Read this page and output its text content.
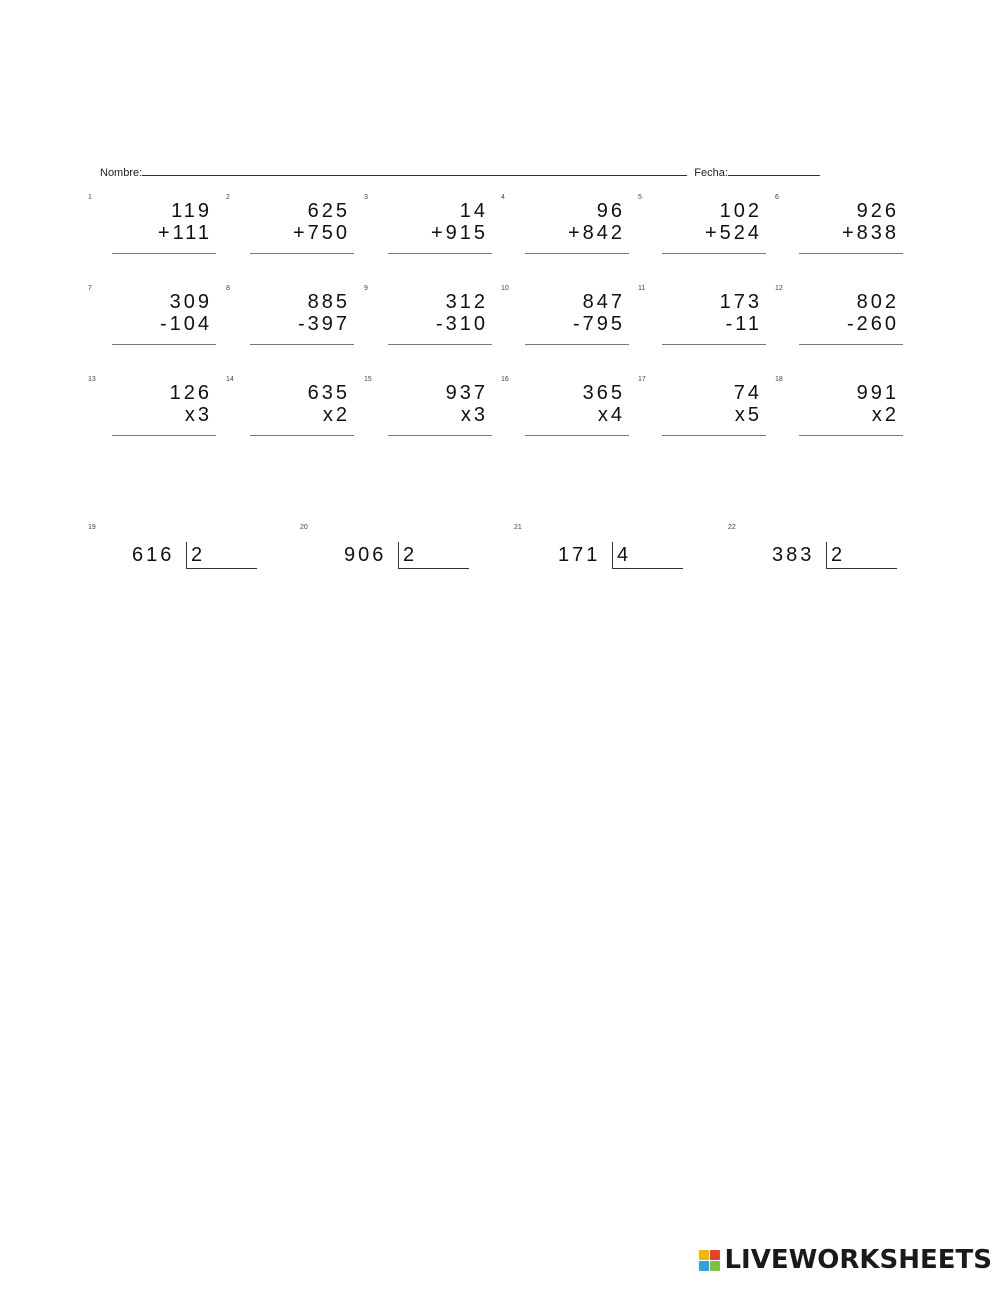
Nombre:	Fecha:
1
119
+111
2
625
+750
3
14
+915
4
96
+842
5
102
+524
6
926
+838
7
309
-104
8
885
-397
9
312
-310
10
847
-795
11
173
-11
12
802
-260
13
126
x3
14
635
x2
15
937
x3
16
365
x4
17
74
x5
18
991
x2
19
616 2
20
906 2
21
171 4
22
383 2
LIVEWORKSHEETS
